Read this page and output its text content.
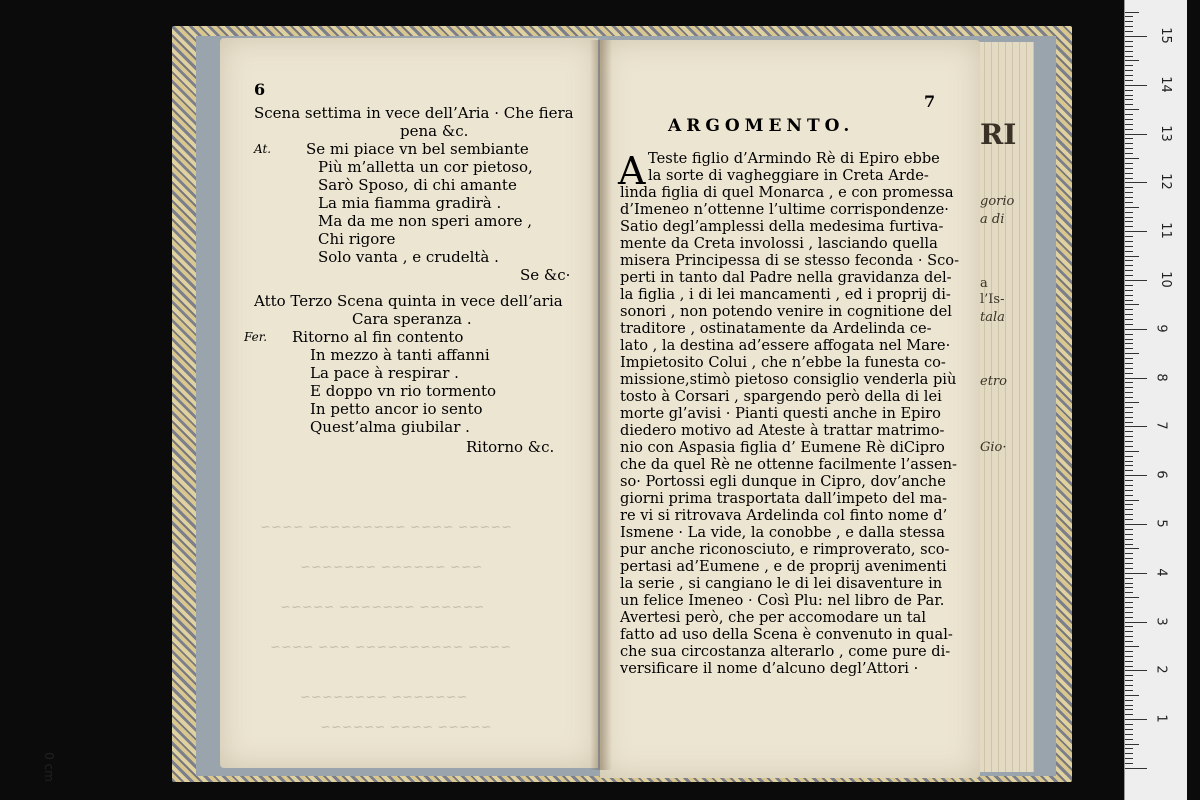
RI
gorio
a di
a
l’Is-
tala
etro
Gio·
~~~~~ ~~~~ ~~~~~~~~~ ~~~~
~~~ ~~~~~~ ~~~~~~~
~~~~~~ ~~~~~~~ ~~~~~
~~~~ ~~~~~~~~~~ ~~~ ~~~~
~~~~~~~ ~~~~~~~~
~~~~~ ~~~~ ~~~~~~
6
Scena settima in vece dell’Aria · Che fiera
pena &c.
At. Se mi piace vn bel sembiante
Più m’alletta un cor pietoso,
Sarò Sposo, di chi amante
La mia fiamma gradirà .
Ma da me non speri amore ,
Chi rigore
Solo vanta , e crudeltà .
Se &c·
Atto Terzo Scena quinta in vece dell’aria
Cara speranza .
Fer. Ritorno al fin contento
In mezzo à tanti affanni
La pace à respirar .
E doppo vn rio tormento
In petto ancor io sento
Quest’alma giubilar .
Ritorno &c.
7
ARGOMENTO.
A Teste figlio d’Armindo Rè di Epiro ebbe
la sorte di vagheggiare in Creta Arde-
linda figlia di quel Monarca , e con promessa
d’Imeneo n’ottenne l’ultime corrispondenze·
Satio degl’amplessi della medesima furtiva-
mente da Creta involossi , lasciando quella
misera Principessa di se stesso feconda · Sco-
perti in tanto dal Padre nella gravidanza del-
la figlia , i di lei mancamenti , ed i proprij di-
sonori , non potendo venire in cognitione del
traditore , ostinatamente da Ardelinda ce-
lato , la destina ad’essere affogata nel Mare·
Impietosito Colui , che n’ebbe la funesta co-
missione,stimò pietoso consiglio venderla più
tosto à Corsari , spargendo però della di lei
morte gl’avisi · Pianti questi anche in Epiro
diedero motivo ad Ateste à trattar matrimo-
nio con Aspasia figlia d’ Eumene Rè diCipro
che da quel Rè ne ottenne facilmente l’assen-
so· Portossi egli dunque in Cipro, dov’anche
giorni prima trasportata dall’impeto del ma-
re vi si ritrovava Ardelinda col finto nome d’
Ismene · La vide, la conobbe , e dalla stessa
pur anche riconosciuto, e rimproverato, sco-
pertasi ad’Eumene , e de proprij avenimenti
la serie , si cangiano le di lei disaventure in
un felice Imeneo · Così Plu: nel libro de Par.
Avertesi però, che per accomodare un tal
fatto ad uso della Scena è convenuto in qual-
che sua circostanza alterarlo , come pure di-
versificare il nome d’alcuno degl’Attori ·
1
2
3
4
5
6
7
8
9
10
11
12
13
14
15
0 cm
